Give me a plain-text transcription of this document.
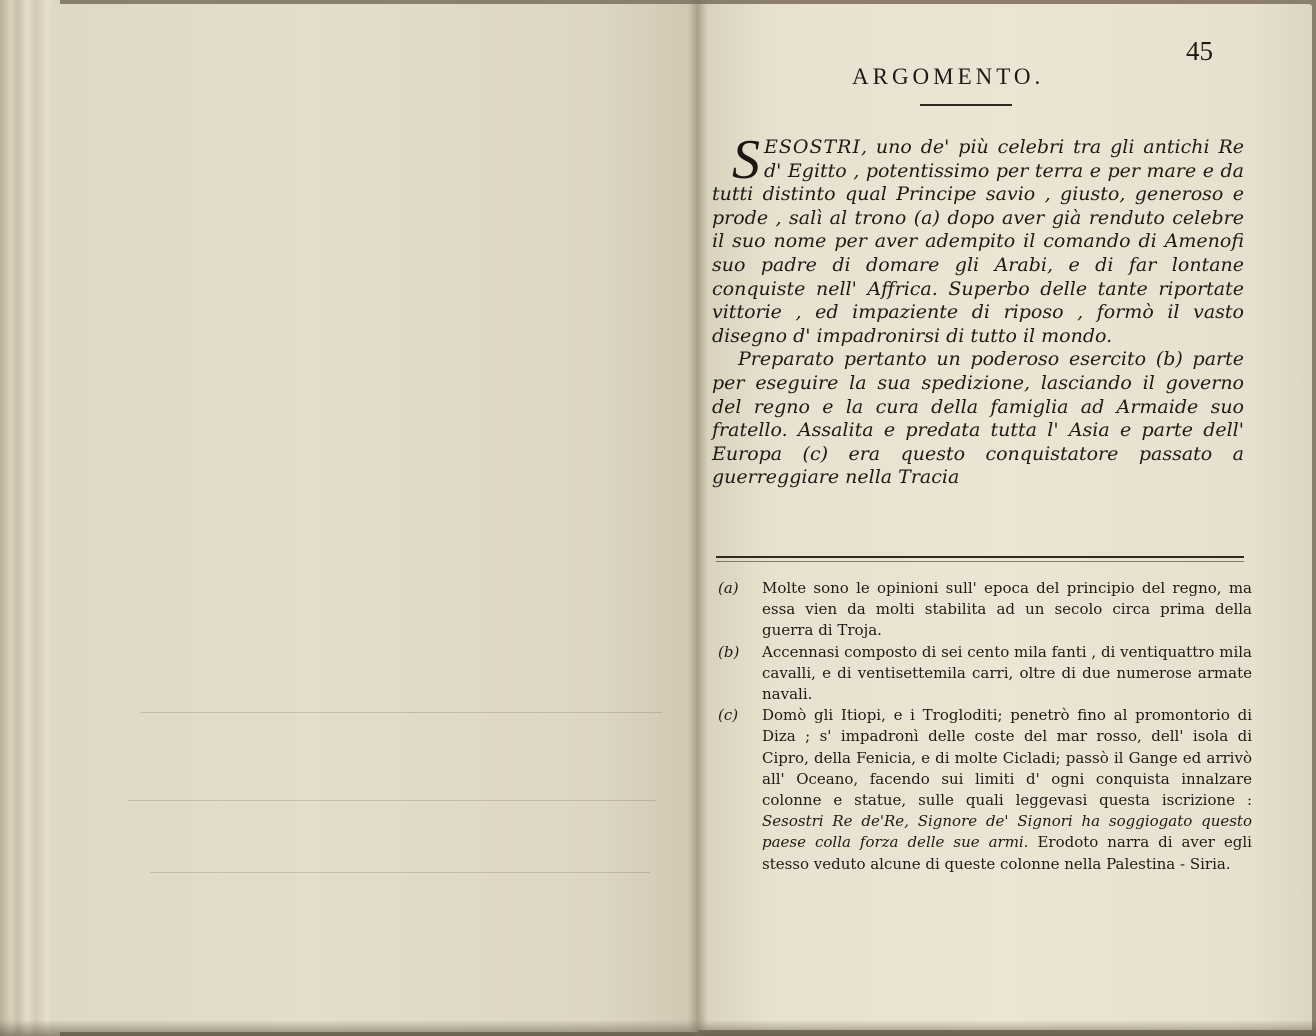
45
ARGOMENTO.

SESOSTRI, uno de' più celebri tra gli antichi Re d' Egitto , potentissimo per terra e per mare e da tutti distinto qual Principe savio , giusto, generoso e prode , salì al trono (a) dopo aver già renduto celebre il suo nome per aver adempito il comando di Amenofi suo padre di domare gli Arabi, e di far lontane conquiste nell' Affrica. Superbo delle tante riportate vittorie , ed impaziente di riposo , formò il vasto disegno d' impadronirsi di tutto il mondo.

Preparato pertanto un poderoso esercito (b) parte per eseguire la sua spedizione, lasciando il governo del regno e la cura della famiglia ad Armaide suo fratello. Assalita e predata tutta l' Asia e parte dell' Europa (c) era questo conquistatore passato a guerreggiare nella Tracia

(a) Molte sono le opinioni sull' epoca del principio del regno, ma essa vien da molti stabilita ad un secolo circa prima della guerra di Troja.

(b) Accennasi composto di sei cento mila fanti , di ventiquattro mila cavalli, e di ventisettemila carri, oltre di due numerose armate navali.

(c) Domò gli Itiopi, e i Trogloditi; penetrò fino al promontorio di Diza ; s' impadronì delle coste del mar rosso, dell' isola di Cipro, della Fenicia, e di molte Cicladi; passò il Gange ed arrivò all' Oceano, facendo sui limiti d' ogni conquista innalzare colonne e statue, sulle quali leggevasi questa iscrizione : Sesostri Re de'Re, Signore de' Signori ha soggiogato questo paese colla forza delle sue armi. Erodoto narra di aver egli stesso veduto alcune di queste colonne nella Palestina - Siria.
